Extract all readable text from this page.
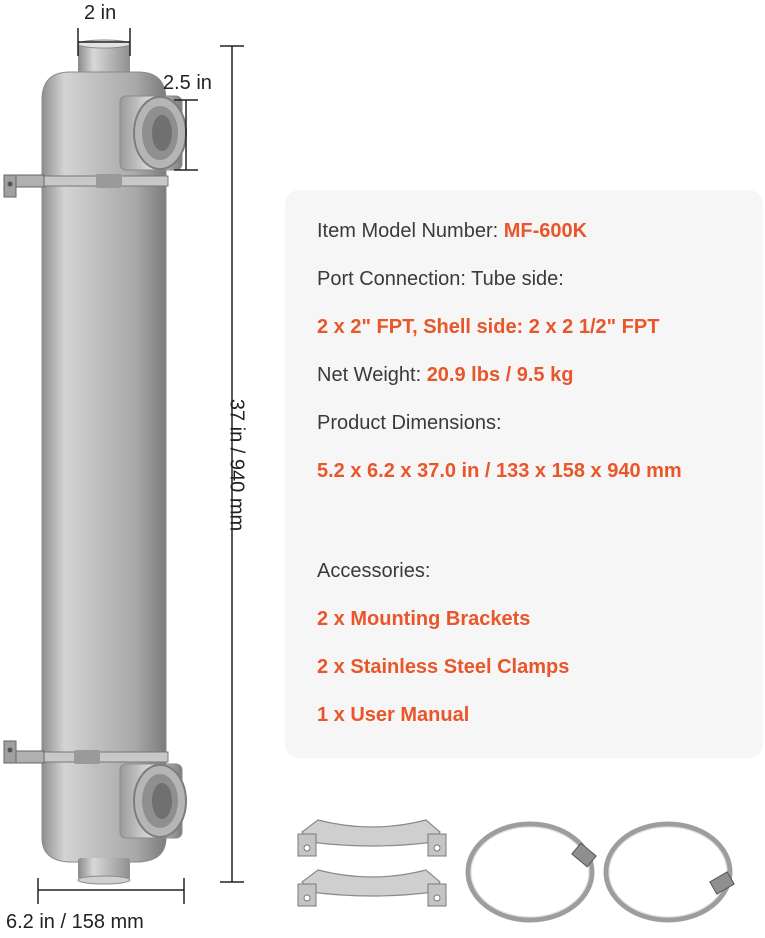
2 in
2.5 in
37 in / 940 mm
6.2 in / 158 mm
Item Model Number: MF-600K
Port Connection: Tube side:
2 x 2" FPT, Shell side: 2 x 2 1/2" FPT
Net Weight: 20.9 lbs / 9.5 kg
Product Dimensions:
5.2 x 6.2 x 37.0 in / 133 x 158 x 940 mm
Accessories:
2 x Mounting Brackets
2 x Stainless Steel Clamps
1 x User Manual
